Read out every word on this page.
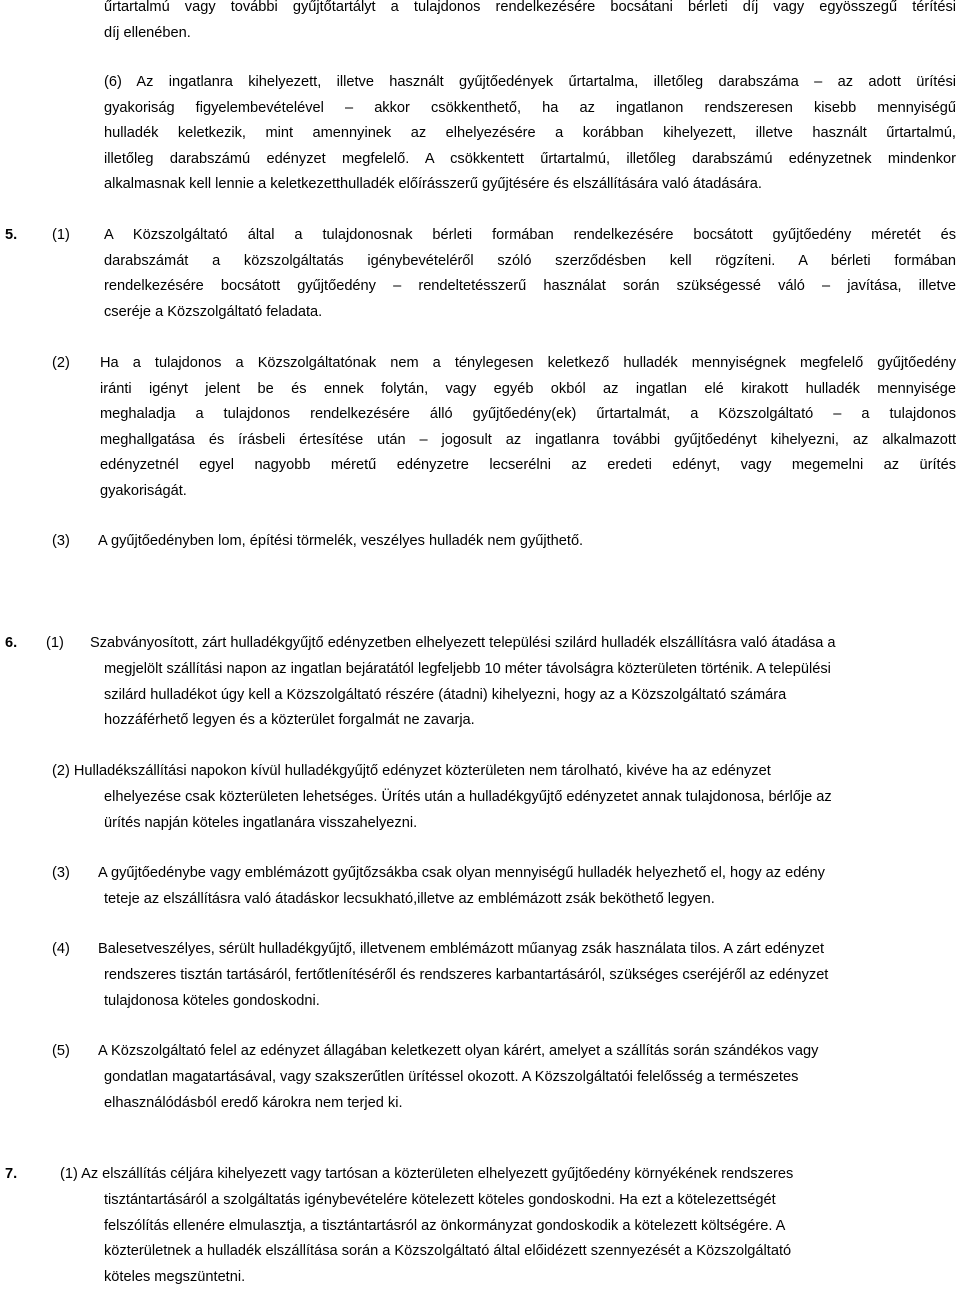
űrtartalmú vagy további gyűjtőtartályt a tulajdonos rendelkezésére bocsátani bérleti díj vagy egyösszegű térítési
díj ellenében.
(6) Az ingatlanra kihelyezett, illetve használt gyűjtőedények űrtartalma, illetőleg darabszáma – az adott ürítési
gyakoriság figyelembevételével – akkor csökkenthető, ha az ingatlanon rendszeresen kisebb mennyiségű
hulladék keletkezik, mint amennyinek az elhelyezésére a korábban kihelyezett, illetve használt űrtartalmú,
illetőleg darabszámú edényzet megfelelő. A csökkentett űrtartalmú, illetőleg darabszámú edényzetnek mindenkor
alkalmasnak kell lennie a keletkezetthulladék előírásszerű gyűjtésére és elszállítására való átadására.
5. (1) A Közszolgáltató által a tulajdonosnak bérleti formában rendelkezésére bocsátott gyűjtőedény méretét és
darabszámát a közszolgáltatás igénybevételéről szóló szerződésben kell rögzíteni. A bérleti formában
rendelkezésére bocsátott gyűjtőedény – rendeltetésszerű használat során szükségessé váló – javítása, illetve
cseréje a Közszolgáltató feladata.
(2) Ha a tulajdonos a Közszolgáltatónak nem a ténylegesen keletkező hulladék mennyiségnek megfelelő gyűjtőedény
iránti igényt jelent be és ennek folytán, vagy egyéb okból az ingatlan elé kirakott hulladék mennyisége
meghaladja a tulajdonos rendelkezésére álló gyűjtőedény(ek) űrtartalmát, a Közszolgáltató – a tulajdonos
meghallgatása és írásbeli értesítése után – jogosult az ingatlanra további gyűjtőedényt kihelyezni, az alkalmazott
edényzetnél egyel nagyobb méretű edényzetre lecserélni az eredeti edényt, vagy megemelni az ürítés
gyakoriságát.
(3) A gyűjtőedényben lom, építési törmelék, veszélyes hulladék nem gyűjthető.
6. (1) Szabványosított, zárt hulladékgyűjtő edényzetben elhelyezett települési szilárd hulladék elszállításra való átadása a
megjelölt szállítási napon az ingatlan bejáratától legfeljebb 10 méter távolságra közterületen történik. A települési
szilárd hulladékot úgy kell a Közszolgáltató részére (átadni) kihelyezni, hogy az a Közszolgáltató számára
hozzáférhető legyen és a közterület forgalmát ne zavarja.
(2) Hulladékszállítási napokon kívül hulladékgyűjtő edényzet közterületen nem tárolható, kivéve ha az edényzet
elhelyezése csak közterületen lehetséges. Ürítés után a hulladékgyűjtő edényzetet annak tulajdonosa, bérlője az
ürítés napján köteles ingatlanára visszahelyezni.
(3) A gyűjtőedénybe vagy emblémázott gyűjtőzsákba csak olyan mennyiségű hulladék helyezhető el, hogy az edény
teteje az elszállításra való átadáskor lecsukható,illetve az emblémázott zsák beköthető legyen.
(4) Balesetveszélyes, sérült hulladékgyűjtő, illetvenem emblémázott műanyag zsák használata tilos. A zárt edényzet
rendszeres tisztán tartásáról, fertőtlenítéséről és rendszeres karbantartásáról, szükséges cseréjéről az edényzet
tulajdonosa köteles gondoskodni.
(5) A Közszolgáltató felel az edényzet állagában keletkezett olyan kárért, amelyet a szállítás során szándékos vagy
gondatlan magatartásával, vagy szakszerűtlen ürítéssel okozott. A Közszolgáltatói felelősség a természetes
elhasználódásból eredő károkra nem terjed ki.
7.	(1) Az elszállítás céljára kihelyezett vagy tartósan a közterületen elhelyezett gyűjtőedény környékének rendszeres
tisztántartásáról a szolgáltatás igénybevételére kötelezett köteles gondoskodni. Ha ezt a kötelezettségét
felszólítás ellenére elmulasztja, a tisztántartásról az önkormányzat gondoskodik a kötelezett költségére. A
közterületnek a hulladék elszállítása során a Közszolgáltató által előidézett szennyezését a Közszolgáltató
köteles megszüntetni.
